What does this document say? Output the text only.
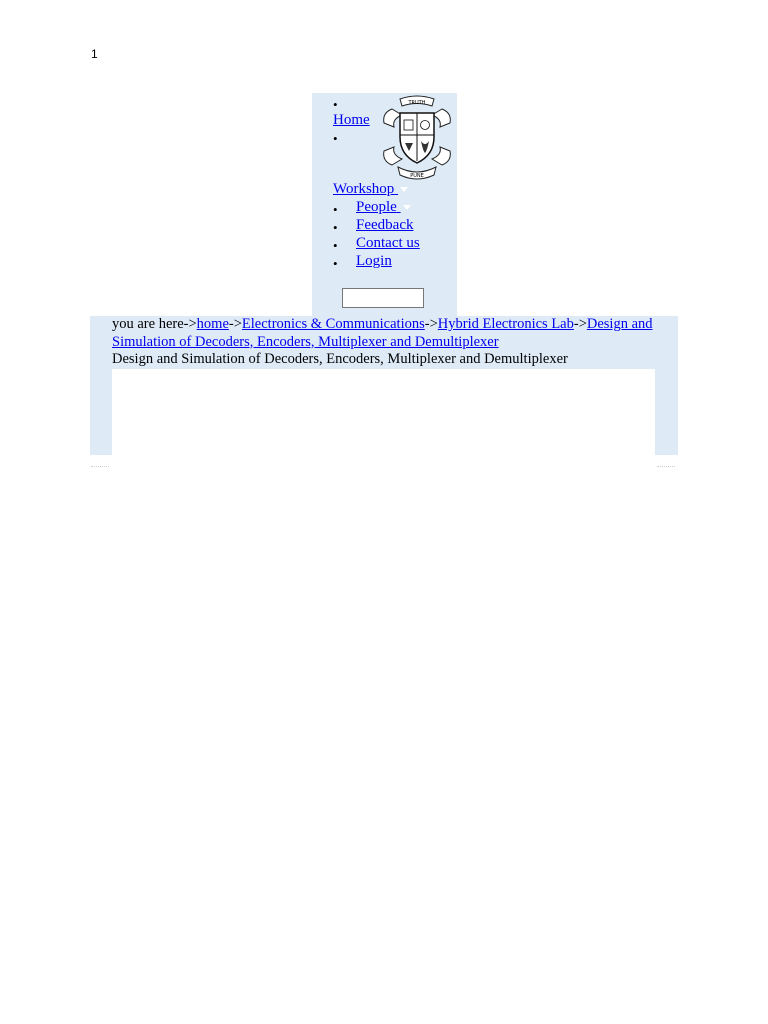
1
•
Home
•
TRUTH
PUNE
Workshop
• People
• Feedback
• Contact us
• Login
you are here->home->Electronics & Communications->Hybrid Electronics Lab->Design and Simulation of Decoders, Encoders, Multiplexer and Demultiplexer
Design and Simulation of Decoders, Encoders, Multiplexer and Demultiplexer
